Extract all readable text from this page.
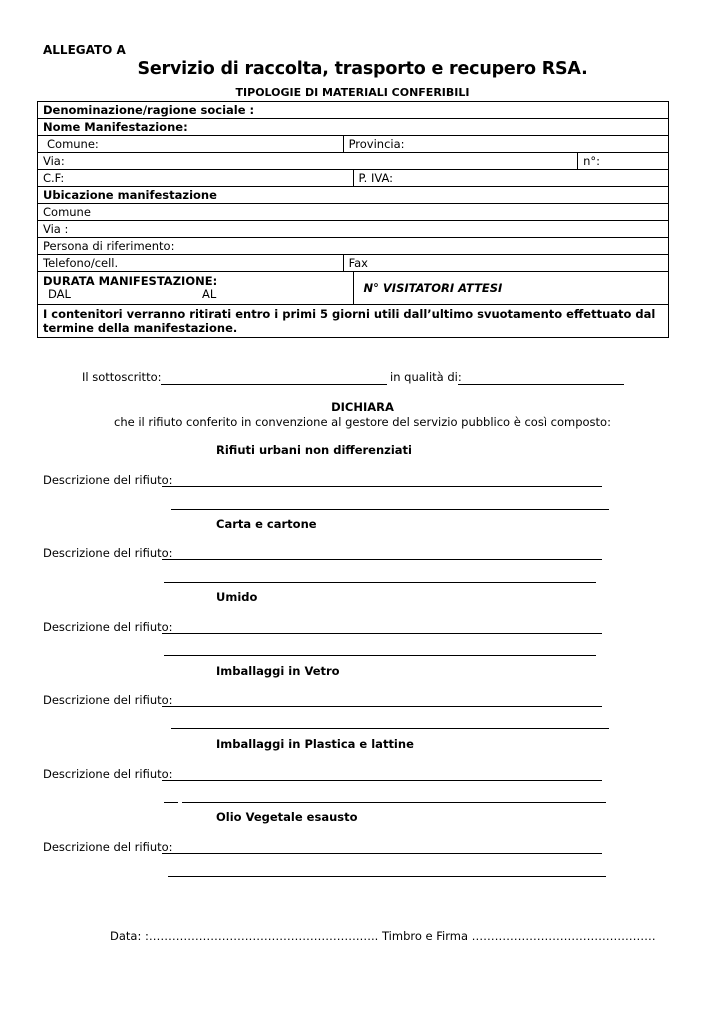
ALLEGATO A
Servizio di raccolta, trasporto e recupero RSA.
TIPOLOGIE DI MATERIALI CONFERIBILI
Denominazione/ragione sociale :			
Nome Manifestazione:			
Comune:	Provincia:		
Via:			n°:
C.F:		P. IVA:	
Ubicazione manifestazione			
Comune			
Via :			
Persona di riferimento:			
Telefono/cell.	Fax		

DURATA MANIFESTAZIONE:
DAL AL		N° VISITATORI ATTESI	
I contenitori verranno ritirati entro i primi 5 giorni utili dall’ultimo svuotamento effettuato dal termine della manifestazione.			
Il sottoscritto:	in qualità di:
DICHIARA
che il rifiuto conferito in convenzione al gestore del servizio pubblico è così composto:
Rifiuti urbani non differenziati
Descrizione del rifiuto:
Carta e cartone
Descrizione del rifiuto:
Umido
Descrizione del rifiuto:
Imballaggi in Vetro
Descrizione del rifiuto:
Imballaggi in Plastica e lattine
Descrizione del rifiuto:
Olio Vegetale esausto
Descrizione del rifiuto:
Data: :……………………………………………….….. Timbro e Firma …………………………………………
